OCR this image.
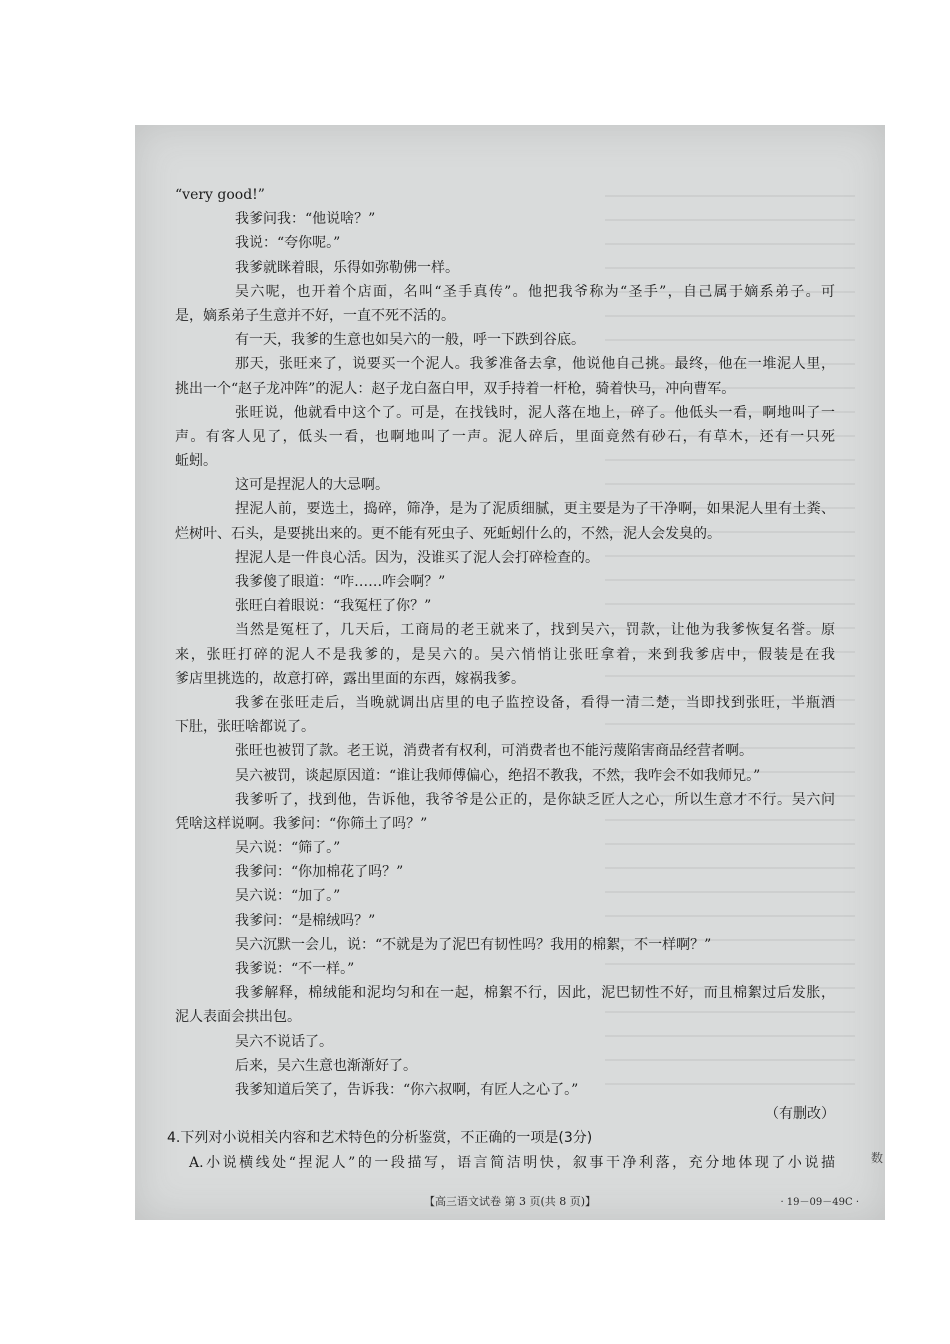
“very good!”
我爹问我：“他说啥？”
我说：“夸你呢。”
我爹就眯着眼，乐得如弥勒佛一样。
吴六呢，也开着个店面，名叫“圣手真传”。他把我爷称为“圣手”，自己属于嫡系弟子。可
是，嫡系弟子生意并不好，一直不死不活的。
有一天，我爹的生意也如吴六的一般，呼一下跌到谷底。
那天，张旺来了，说要买一个泥人。我爹准备去拿，他说他自己挑。最终，他在一堆泥人里，
挑出一个“赵子龙冲阵”的泥人：赵子龙白盔白甲，双手持着一杆枪，骑着快马，冲向曹军。
张旺说，他就看中这个了。可是，在找钱时，泥人落在地上，碎了。他低头一看，啊地叫了一
声。有客人见了，低头一看，也啊地叫了一声。泥人碎后，里面竟然有砂石，有草木，还有一只死
蚯蚓。
这可是捏泥人的大忌啊。
捏泥人前，要选土，捣碎，筛净，是为了泥质细腻，更主要是为了干净啊，如果泥人里有土粪、
烂树叶、石头，是要挑出来的。更不能有死虫子、死蚯蚓什么的，不然，泥人会发臭的。
捏泥人是一件良心活。因为，没谁买了泥人会打碎检查的。
我爹傻了眼道：“咋……咋会啊？”
张旺白着眼说：“我冤枉了你？”
当然是冤枉了，几天后，工商局的老王就来了，找到吴六，罚款，让他为我爹恢复名誉。原
来，张旺打碎的泥人不是我爹的，是吴六的。吴六悄悄让张旺拿着，来到我爹店中，假装是在我
爹店里挑选的，故意打碎，露出里面的东西，嫁祸我爹。
我爹在张旺走后，当晚就调出店里的电子监控设备，看得一清二楚，当即找到张旺，半瓶酒
下肚，张旺啥都说了。
张旺也被罚了款。老王说，消费者有权利，可消费者也不能污蔑陷害商品经营者啊。
吴六被罚，谈起原因道：“谁让我师傅偏心，绝招不教我，不然，我咋会不如我师兄。”
我爹听了，找到他，告诉他，我爷爷是公正的，是你缺乏匠人之心，所以生意才不行。吴六问
凭啥这样说啊。我爹问：“你筛土了吗？”
吴六说：“筛了。”
我爹问：“你加棉花了吗？”
吴六说：“加了。”
我爹问：“是棉绒吗？”
吴六沉默一会儿，说：“不就是为了泥巴有韧性吗？我用的棉絮，不一样啊？”
我爹说：“不一样。”
我爹解释，棉绒能和泥均匀和在一起，棉絮不行，因此，泥巴韧性不好，而且棉絮过后发胀，
泥人表面会拱出包。
吴六不说话了。
后来，吴六生意也渐渐好了。
我爹知道后笑了，告诉我：“你六叔啊，有匠人之心了。”
（有删改）
4.下列对小说相关内容和艺术特色的分析鉴赏，不正确的一项是(3分)
A.小说横线处“捏泥人”的一段描写，语言简洁明快，叙事干净利落，充分地体现了小说描	数
【高三语文试卷 第 3 页(共 8 页)】	· 19－09－49C ·
